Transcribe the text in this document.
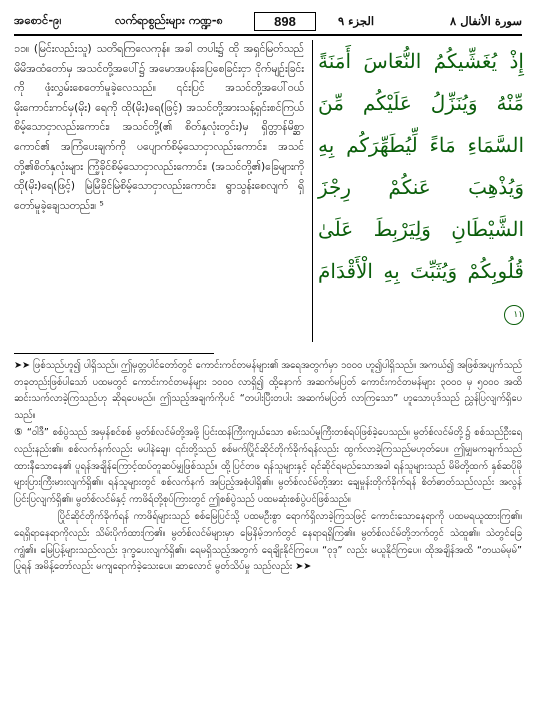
အစောင်-၉၊	လက်ရာစွည်းများ ကဏ္ဍ-၈	898	الجزء ٩	سورة الأنفال ٨
၁၁။ (မြင်းလည်းသူ) သတိရကြလေကုန်။ အခါ တပါး၌ ထို အရှင်မြတ်သည် မိမိအထံတော်မှ အသင်တို့အပေါ်၌ အမောအပန်းပြေစေခြင်းငှာ ငိုက်မျဉ်းခြင်းကို ဖုံးလွှမ်းစေတော်မူခဲ့လေသည်။ ၎င်းပြင် အသင်တို့အပေါ်ဝယ် မိုးကောင်းကင်မှ(မိုး) ရေကို ထို(မိုး)ရေ(ဖြင့်) အသင်တို့အားသန့်ရှင်းစင်ကြယ်စိမ့်သောငှာလည်းကောင်း၊ အသင်တို့(၏ စိတ်နှလုံးတွင်း)မှ ရှိတ္တာန်မိစ္ဆာကောင်၏ အကြံပေးချက်ကို ပပျောက်စိမ့်သောငှာလည်းကောင်း၊ အသင်တို့၏စိတ်နှလုံးများ ကြံ့ခိုင်စိမ့်သောငှာလည်းကောင်း၊ (အသင်တို့၏)ခြေများကို ထို(မိုး)ရေ(ဖြင့်) မြဲမြံခိုင်မြဲစိမ့်သောငှာလည်းကောင်း၊ ရွာသွန်းစေလျက် ရှိတော်မူခဲ့ချေသတည်း။ ⁵
إِذْ يُغَشِّيكُمُ النُّعَاسَ أَمَنَةً مِّنْهُ وَيُنَزِّلُ عَلَيْكُم مِّنَ السَّمَاءِ مَاءً لِّيُطَهِّرَكُم بِهِ وَيُذْهِبَ عَنكُمْ رِجْزَ الشَّيْطَانِ وَلِيَرْبِطَ عَلَىٰ قُلُوبِكُمْ وَيُثَبِّتَ بِهِ الْأَقْدَامَ ١١

➤➤ ဖြစ်သည်ဟူ၍ ပါရှိသည်။ ဤမှတ္တပါင်တော်တွင် ကောင်းကင်တမန်များ၏ အရေအတွက်မှာ ၁၀၀၀ ဟူ၍ပါရှိသည်။ အကယ်၍ အဖြစ်အပျက်သည် တခုတည်းဖြစ်ပါသော် ပထမတွင် ကောင်းကင်တမန်များ ၁၀၀၀ လာရှိ၍ ထို့နောက် အဆက်မပြတ် ကောင်းကင်တမန်များ ၃၀၀၀ မှ ၅၀၀၀ အထိ ဆင်းသက်လာခဲ့ကြသည်ဟု ဆိုရပေမည်။ ဤသည့်အချက်ကိုပင် “တပါးပြီးတပါး အဆက်မပြတ် လာကြသော” ဟူသောပုဒ်သည် ညွှန်ပြလျက်ရှိပေသည်။

⑤ “ဝါဒီ” စစ်ပွဲသည် အမှန်စင်စစ် မွတ်စ်လင်မ်တို့အဖို့ ပြင်းထန်ကြီးကျယ်သော စမ်းသပ်မှုကြီးတစ်ရပ်ဖြစ်ခဲ့ပေသည်။ မွတ်စ်လင်မ်တို့၌ စစ်သည်ဦးရေလည်းနည်း၏။ စစ်လက်နက်လည်း မပါနဲချေ။ ၎င်းတို့သည် စစ်မက်ပြိုင်ဆိုင်တိုက်ခိုက်ရန်လည်း ထွက်လာခဲ့ကြသည်မဟုတ်ပေ။ ဤမျှမကချက်သည် ထားနီသောနေ၏ ပူရန်အချိန်ကြောင့်ထပ်တူဆပ်မျှဖြစ်သည်။ ထို့ပြင်တဖ ရန်သူများနှင့် ရင်ဆိုင်ရမည်သောအခါ ရန်သူများသည် မိမိတို့ထက် နှစ်ဆပိုမို များပြားကြီးမားလျက်ရှိ၏။ ရန်သူများတွင် စစ်လက်နက် အပြည့်အစုံပါရှိ၏။ မွတ်စ်လင်မ်တို့အား ချေမှုန်းတိုက်ခိုက်ရန် စိတ်ဓာတ်သည်လည်း အလွန်ပြင်းပြလျက်ရှိ၏။ မွတ်စ်လင်မ်နှင့် ကာဖိရ်တို့စုပ်ကြားတွင် ဤစစ်ပွဲသည် ပထမဆုံးစစ်ပွဲပင်ဖြစ်သည်။

ပြိုင်ဆိုင်တိုက်ခိုက်ရန် ကာဖိရ်များသည် စစ်မြေပြင်သို့ ပထမဦးစွာ ရောက်ရှိလာခဲ့ကြသဖြင့် ကောင်းသောနေရာကို ပထမရယူထားကြ၏။ ရေရှိရာနေရာကိုလည်း သိမ်းပိုက်ထားကြ၏။ မွတ်စ်လင်မ်များမှာ မြေနိမ့်ဘက်တွင် နေရာရရှိကြ၏။ မွတ်စ်လင်မ်တို့ဘက်တွင် သဲထူ၏။ သဲတွင်ခြေကျွံ၏။ မြေပြန့်များသည်လည်း ဒုက္ခပေးလျက်ရှိ၏။ ရေမရှိသည့်အတွက် ရေချိုးနိုင်ကြပေ။ “ဝုဒု” လည်း မယူနိုင်ကြပေ။ ထိုအချိန်အထိ “တယမ်မုမ်” ပြုရန် အမိန့်တော်လည်း မကျရောက်ခဲ့သေးပေ။ ဆာလောင် မွတ်သိပ်မှု သည်လည်း ➤➤
